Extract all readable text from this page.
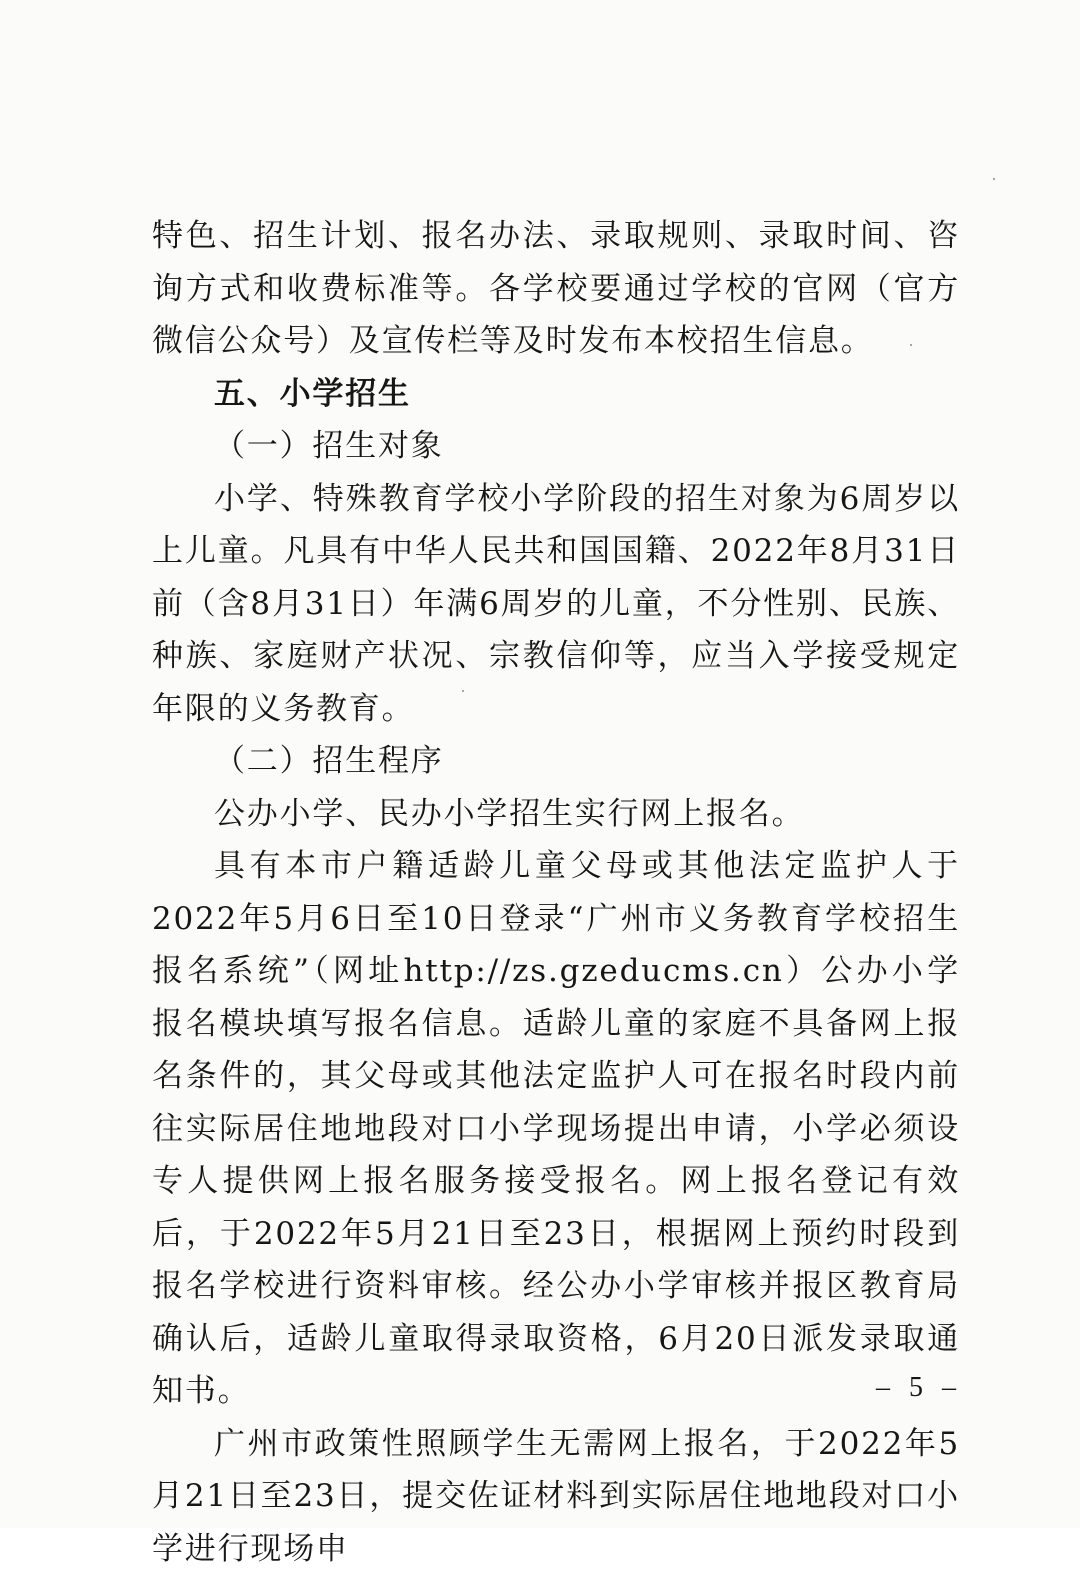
特色、招生计划、报名办法、录取规则、录取时间、咨询方式和收费标准等。各学校要通过学校的官网（官方微信公众号）及宣传栏等及时发布本校招生信息。

五、小学招生

（一）招生对象

小学、特殊教育学校小学阶段的招生对象为6周岁以上儿童。凡具有中华人民共和国国籍、2022年8月31日前（含8月31日）年满6周岁的儿童，不分性别、民族、种族、家庭财产状况、宗教信仰等，应当入学接受规定年限的义务教育。

（二）招生程序

公办小学、民办小学招生实行网上报名。

具有本市户籍适龄儿童父母或其他法定监护人于2022年5月6日至10日登录“广州市义务教育学校招生报名系统”（网址http://zs.gzeducms.cn）公办小学报名模块填写报名信息。适龄儿童的家庭不具备网上报名条件的，其父母或其他法定监护人可在报名时段内前往实际居住地地段对口小学现场提出申请，小学必须设专人提供网上报名服务接受报名。网上报名登记有效后，于2022年5月21日至23日，根据网上预约时段到报名学校进行资料审核。经公办小学审核并报区教育局确认后，适龄儿童取得录取资格，6月20日派发录取通知书。

广州市政策性照顾学生无需网上报名，于2022年5月21日至23日，提交佐证材料到实际居住地地段对口小学进行现场申

– 5 –
